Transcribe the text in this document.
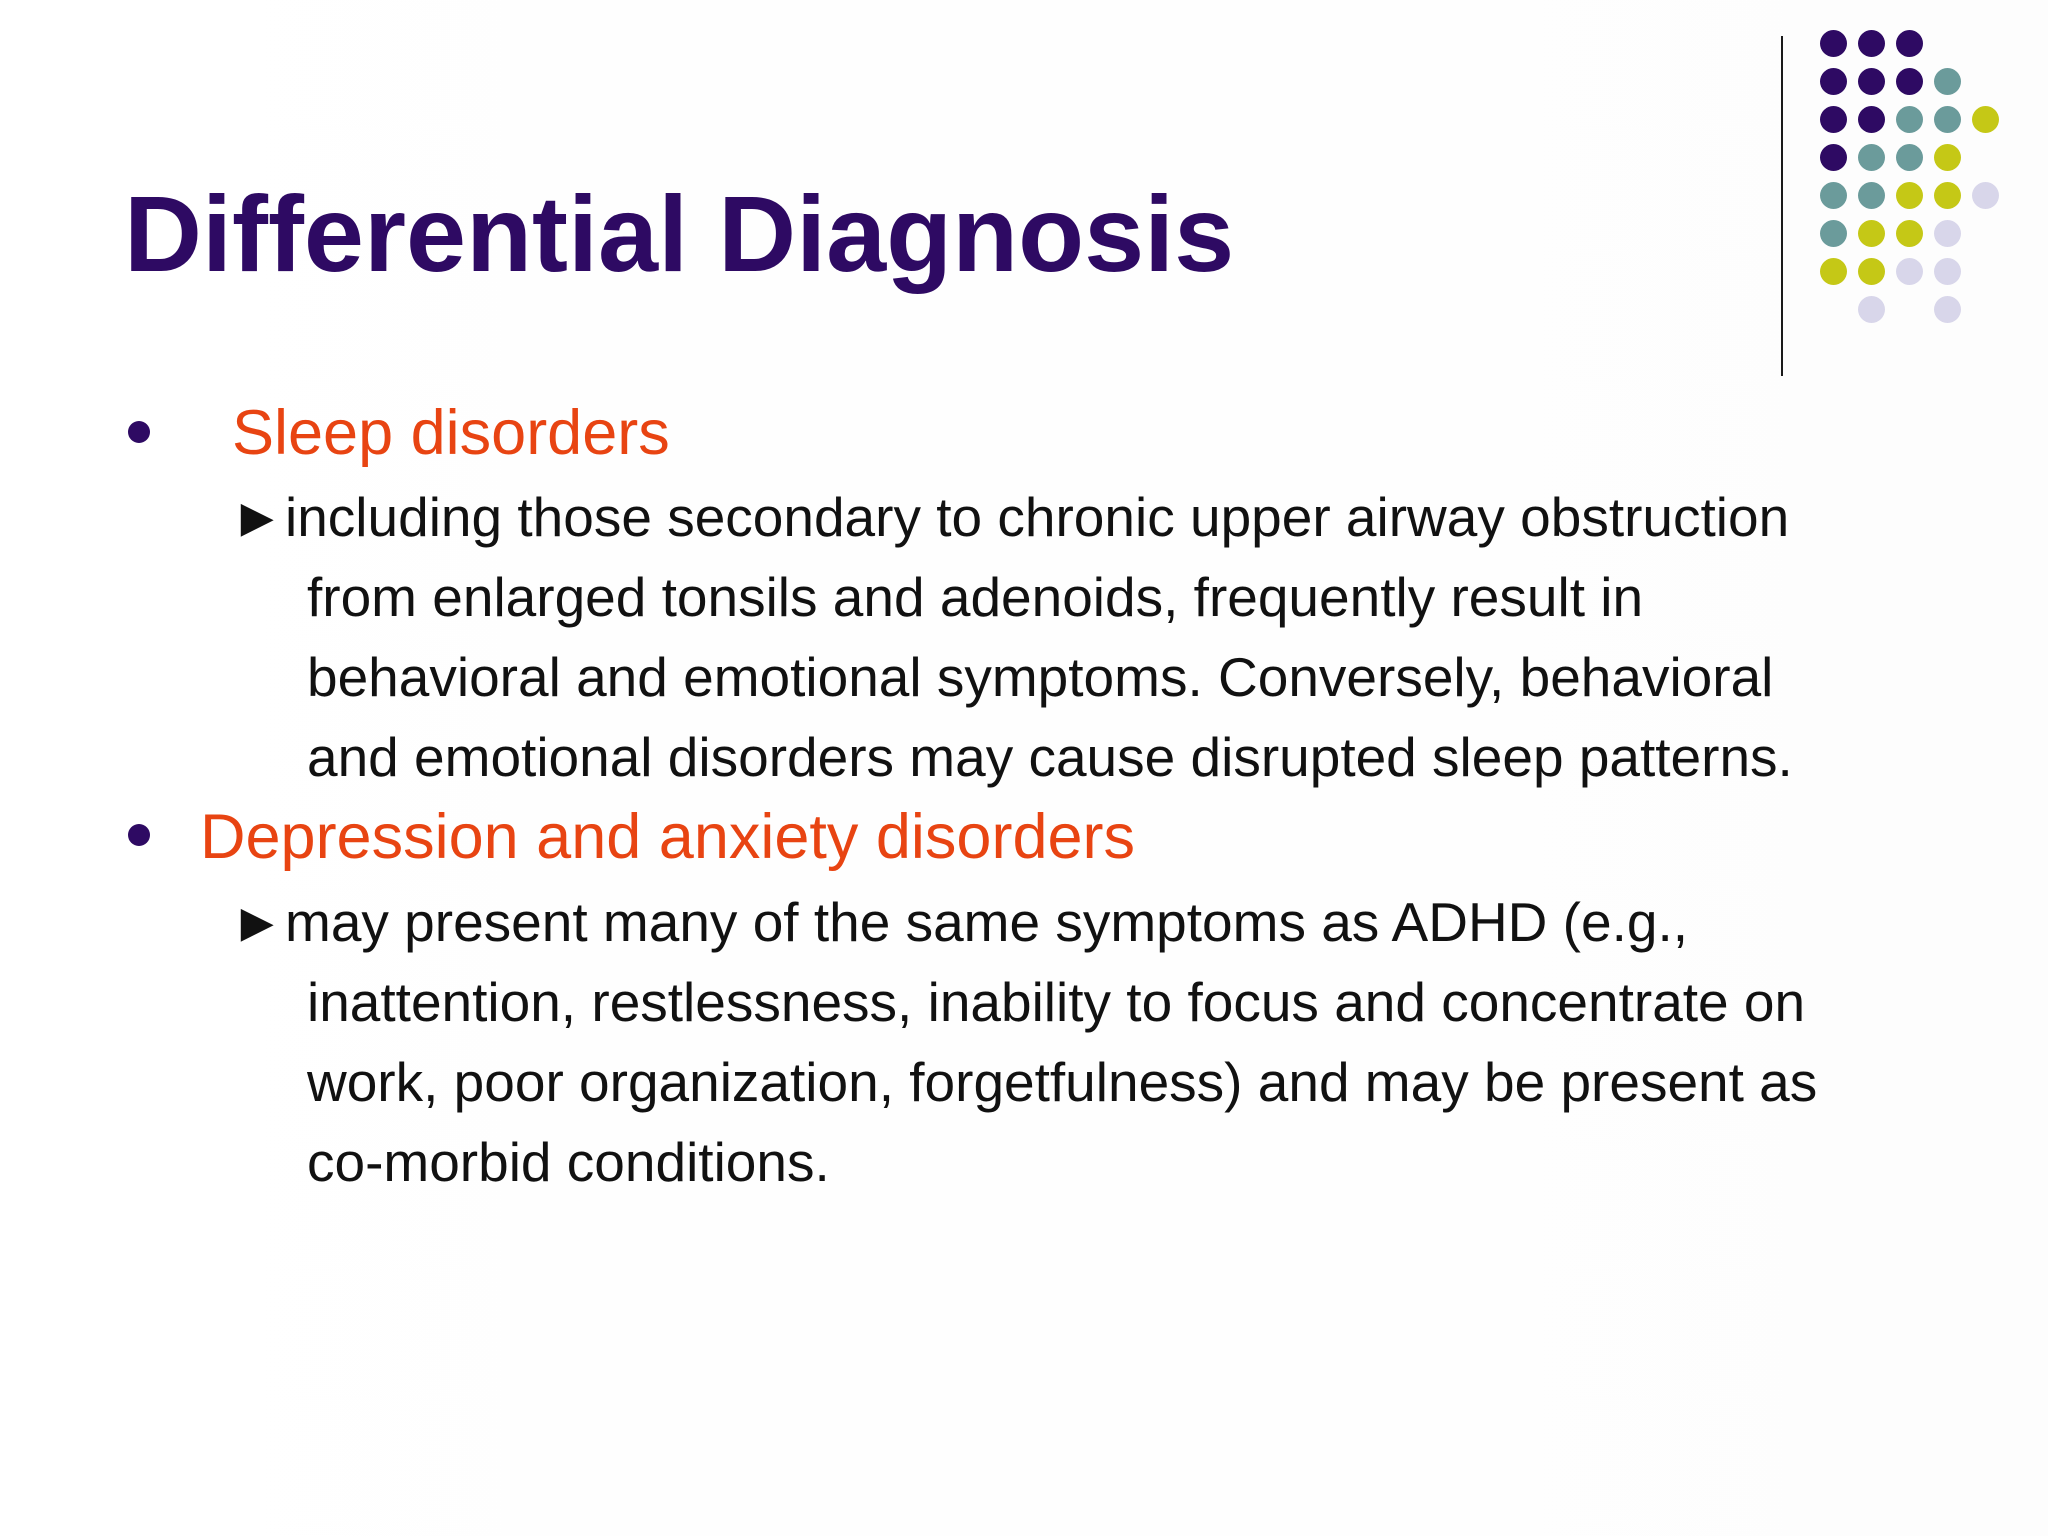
Differential Diagnosis
Sleep disorders
►including those secondary to chronic upper airway obstruction
from enlarged tonsils and adenoids, frequently result in
behavioral and emotional symptoms. Conversely, behavioral
and emotional disorders may cause disrupted sleep patterns.
Depression and anxiety disorders
►may present many of the same symptoms as ADHD (e.g.,
inattention, restlessness, inability to focus and concentrate on
work, poor organization, forgetfulness) and may be present as
co-morbid conditions.
